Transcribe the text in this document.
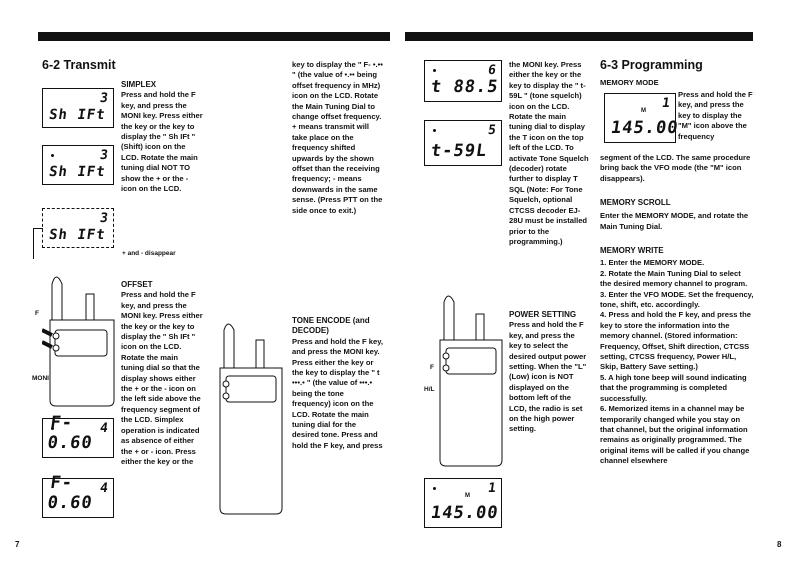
6-2 Transmit
3
Sh IFt
3
Sh IFt
3
Sh IFt
+ and - disappear
F
MONI
4
F-0.60
4
F-0.60

SIMPLEX

Press and hold the F key, and press the MONI key. Press either the key or the key to display the " Sh IFt " (Shift) icon on the LCD. Rotate the main tuning dial NOT TO show the + or the - icon on the LCD.

OFFSET

Press and hold the F key, and press the MONI key. Press either the key or the key to display the " Sh IFt " icon on the LCD. Rotate the main tuning dial so that the display shows either the + or the - icon on the left side above the frequency segment of the LCD. Simplex operation is indicated as absence of either the + or - icon. Press either the key or the

key to display the " F- •.•• " (the value of •.•• being offset frequency in MHz) icon on the LCD. Rotate the Main Tuning Dial to change offset frequency. + means transmit will take place on the frequency shifted upwards by the shown offset than the receiving frequency; - means downwards in the same sense. (Press PTT on the side once to exit.)

TONE ENCODE (and DECODE)

Press and hold the F key, and press the MONI key. Press either the key or the key to display the " t •••.• " (the value of •••.• being the tone frequency) icon on the LCD. Rotate the main tuning dial for the desired tone. Press and hold the F key, and press

7
6
t 88.5
5
t-59L
F
H/L
M 1
145.00

the MONI key. Press either the key or the key to display the " t-59L " (tone squelch) icon on the LCD. Rotate the main tuning dial to display the T icon on the top left of the LCD. To activate Tone Squelch (decoder) rotate further to display T SQL (Note: For Tone Squelch, optional CTCSS decoder EJ-28U must be installed prior to the programming.)

POWER SETTING

Press and hold the F key, and press the key to select the desired output power setting. When the "L" (Low) icon is NOT displayed on the bottom left of the LCD, the radio is set on the high power setting.

6-3 Programming
MEMORY MODE
M 1
145.00

Press and hold the F key, and press the key to display the "M" icon above the frequency

segment of the LCD. The same procedure bring back the VFO mode (the "M" icon disappears).

MEMORY SCROLL

Enter the MEMORY MODE, and rotate the Main Tuning Dial.

MEMORY WRITE

1. Enter the MEMORY MODE.

2. Rotate the Main Tuning Dial to select the desired memory channel to program.

3. Enter the VFO MODE. Set the frequency, tone, shift, etc. accordingly.

4. Press and hold the F key, and press the key to store the information into the memory channel. (Stored information: Frequency, Offset, Shift direction, CTCSS setting, CTCSS frequency, Power H/L, Skip, Battery Save setting.)

5. A high tone beep will sound indicating that the programming is completed successfully.

6. Memorized items in a channel may be temporarily changed while you stay on that channel, but the original information remains as originally programmed. The original items will be called if you change channel elsewhere

8
